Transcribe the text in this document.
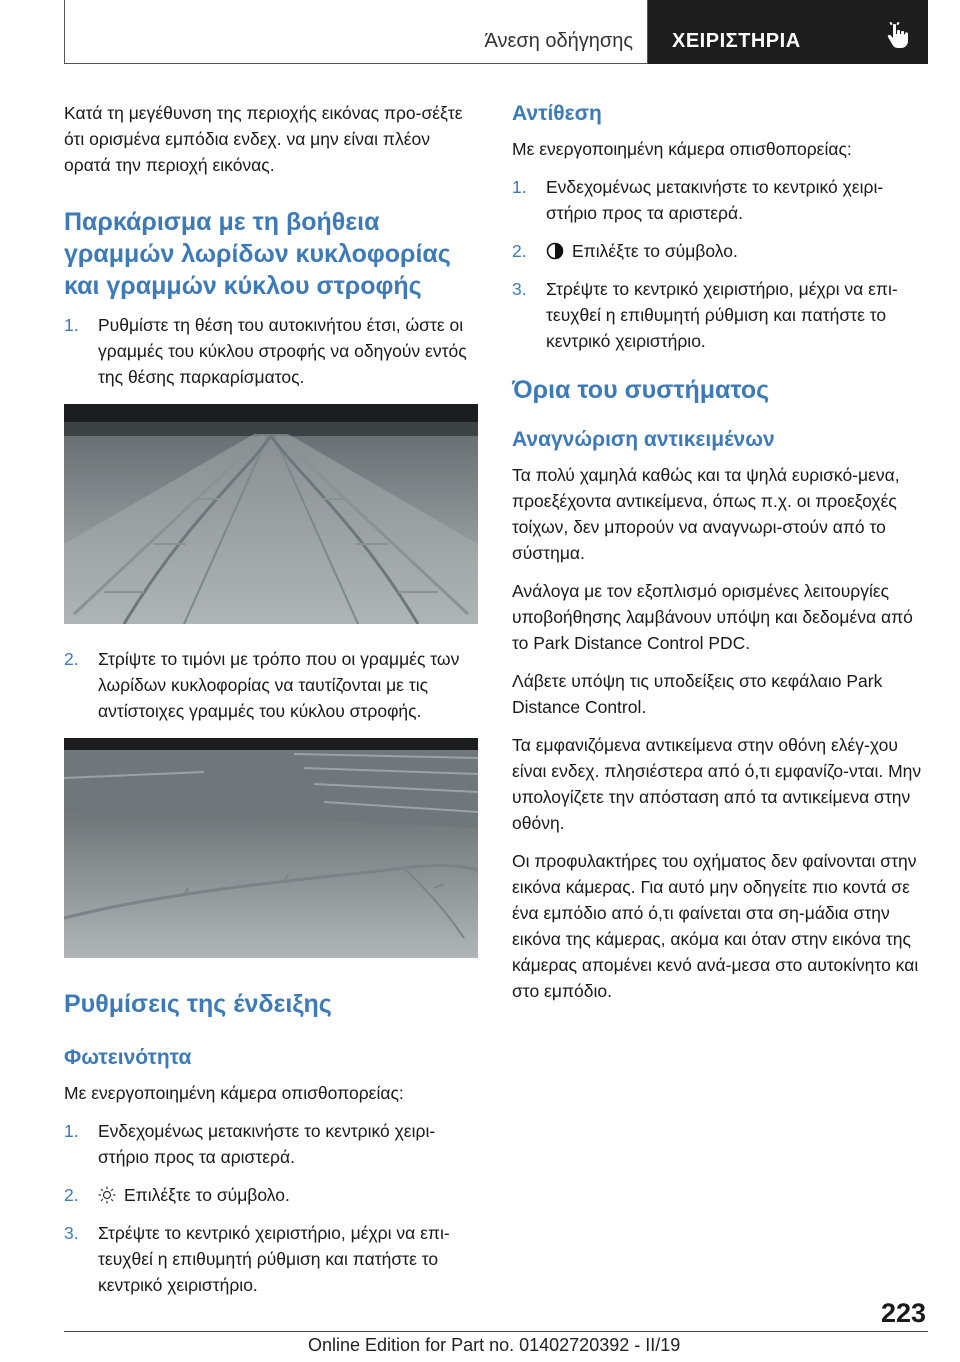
Άνεση οδήγησης ΧΕΙΡΙΣΤΗΡΙΑ

Κατά τη μεγέθυνση της περιοχής εικόνας προ-σέξτε ότι ορισμένα εμπόδια ενδεχ. να μην είναι πλέον ορατά την περιοχή εικόνας.

Παρκάρισμα με τη βοήθεια γραμμών λωρίδων κυκλοφορίας και γραμμών κύκλου στροφής
1. Ρυθμίστε τη θέση του αυτοκινήτου έτσι, ώστε οι γραμμές του κύκλου στροφής να οδηγούν εντός της θέσης παρκαρίσματος.
2. Στρίψτε το τιμόνι με τρόπο που οι γραμμές των λωρίδων κυκλοφορίας να ταυτίζονται με τις αντίστοιχες γραμμές του κύκλου στροφής.
Ρυθμίσεις της ένδειξης
Φωτεινότητα

Με ενεργοποιημένη κάμερα οπισθοπορείας:

1. Ενδεχομένως μετακινήστε το κεντρικό χειρι-στήριο προς τα αριστερά.
2.	Επιλέξτε το σύμβολο.
3. Στρέψτε το κεντρικό χειριστήριο, μέχρι να επι-τευχθεί η επιθυμητή ρύθμιση και πατήστε το κεντρικό χειριστήριο.
Αντίθεση

Με ενεργοποιημένη κάμερα οπισθοπορείας:

1. Ενδεχομένως μετακινήστε το κεντρικό χειρι-στήριο προς τα αριστερά.
2.	Επιλέξτε το σύμβολο.
3. Στρέψτε το κεντρικό χειριστήριο, μέχρι να επι-τευχθεί η επιθυμητή ρύθμιση και πατήστε το κεντρικό χειριστήριο.
Όρια του συστήματος
Αναγνώριση αντικειμένων

Τα πολύ χαμηλά καθώς και τα ψηλά ευρισκό-μενα, προεξέχοντα αντικείμενα, όπως π.χ. οι προεξοχές τοίχων, δεν μπορούν να αναγνωρι-στούν από το σύστημα.

Ανάλογα με τον εξοπλισμό ορισμένες λειτουργίες υποβοήθησης λαμβάνουν υπόψη και δεδομένα από το Park Distance Control PDC.

Λάβετε υπόψη τις υποδείξεις στο κεφάλαιο Park Distance Control.

Τα εμφανιζόμενα αντικείμενα στην οθόνη ελέγ-χου είναι ενδεχ. πλησιέστερα από ό,τι εμφανίζο-νται. Μην υπολογίζετε την απόσταση από τα αντικείμενα στην οθόνη.

Οι προφυλακτήρες του οχήματος δεν φαίνονται στην εικόνα κάμερας. Για αυτό μην οδηγείτε πιο κοντά σε ένα εμπόδιο από ό,τι φαίνεται στα ση-μάδια στην εικόνα της κάμερας, ακόμα και όταν στην εικόνα της κάμερας απομένει κενό ανά-μεσα στο αυτοκίνητο και στο εμπόδιο.

223
Online Edition for Part no. 01402720392 - II/19
